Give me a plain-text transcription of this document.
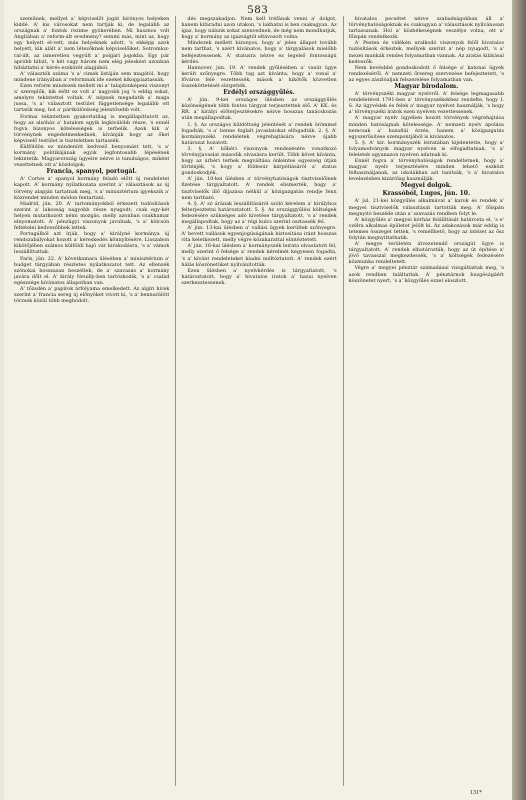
583

szeműnek, mellyel a' képviselőt jogát birónyos helyeken kiddé. A' kis városokat nem tartják ki, de legalább az országnak a' fontok rezime gyökerében. Mi hasznos volt Angliában a' reform-ált eredmény? semmi más, mint az, hogy egy helyett el-vett, más helyeknek adott, 's ekképp azok helyett, kik alált a' nem létezőknek képviselőiket. Sotromloz-ral-ált, az ismeretlen vegyült a' polgári jogokba. Egy pár apróbb hibát, 's két vagy három nem elég jeleskést azonban hibáztatni a' kérés eszközét alapjából.

A' választók száma 's a' cimek listáján sem magától, hogy mindene irányában a' reformnak ide ezeket kikoppiaztassák.

Ezen reform mindezek mellett mi a' tulajdonképeni viszonyt a' szereplők, kik előtt ez volt a' nagyobb jog 's eddig sokat, amelyre tekintettel voltak. A' népnek megadatik a' maga jussa, 's a' választott testület függetlensége legalább ott tartatik meg, hol a' pártkülönbség jelentősebb volt.

Formai tekintetben gyakorlatilag is megállapíttatott az, hogy az alsóház a' hatalom egyik legkiválóbb része, 's ennél fogva bizonyos kötelességek is terhelik. Azok kik a' törvénynek engedelmeskednek, kívánják hogy az őket képviselő testület is tiszteletben tartassék.

Külföldön ez mindenütt kedvező benyomást tett, 's a' kormány politikájának egyik legfontosabb lépésének tekintetik. Magyarország ügyeire nézve is tanulságos, miként vezettetnek ott a' közdolgok.

Francia, spanyol, portugál.

A' Cortes a' spanyol kormány feladó előtt új rendeletet kapott. A' kormány nyilatkozata szerint a' választások az új törvény alapján tartatnak meg, 's a' minisztérium igyekszik a' közrendet minden módon fentartani.

Madrid, jún. 20. A' tartományokból érkezett tudósítások szerint a' lakosság nagyobb része nyugodt; csak egy-két helyen mutatkozott némi mozgás, melly azonban csakhamar elnyomatott. A' pénzügyi viszonyok javulnak, 's a' kölcsön feltételei kedvezőbbek lettek.

Portugálból azt írják, hogy a' királyné kormánya új rendszabályokat hozott a' kereskedés könnyítésére. Lisszabon kikötőjében számos külföldi hajó vár kirakodásra, 's a' vámok leszállíttattak.

Paris, jún. 22. A' követkamara ülésében a' minisztérium a' budget tárgyában részletes nyilatkozatot tett. Az ellenzék szónokai hosszasan beszéltek, de a' szavazás a' kormány javára dőlt el. A' király Neuilly-ben tartózkodik, 's a' család egészsége kívánatos állapotban van.

A' tőzsdén a' papírok árfolyama emelkedett. Az algíri hírek szerint a' francia sereg új előnyöket vívott ki, 's a' bennszülött törzsek közül több meghódolt.

dés megszakadjon. Nem kell tréfának venni a' dolgot, hanem kifaradni azon utakon, 's lakhatni is ben csakugyan. Az igaz, hogy nálunk sokat szenvednek, de még nem mondhatjuk, hogy a' kormány az igazságtól eltávozott volna.

Mindezek mellett bizonyos, hogy a' jelen állapot tovább nem tarthat, 's azért kívánatos, hogy a' tárgyalások mielőbb befejeztessenek. A' statusra nézve ez legelső fontosságú kérdés.

Hannover, jún. 19. A' rendek gyűlésében a' vasút ügye került szőnyegre. Több tag azt kívánta, hogy a' vonal a' főváros felé vezettessék, mások a' kikötők közvetlen összeköttetését sürgették.

Erdélyi országgyűlés.

A' jún. 9-kei országos ülésben az országgyűlés közönségének több fontos tárgyat terjesztettek elő. A' KK. és RR. a' királyi előterjesztésekre nézve hosszas tanácskozás után megállapodtak.

1. §. Az országos küldöttség jelentését a' rendek örömmel fogadták, 's a' benne foglalt javaslatokat elfogadták. 2. §. A' kormányszéki rendeletek végrehajtására nézve újabb határozat hozatott.

3. §. A' hűbéri viszonyok rendezésére vonatkozó törvényjavaslat második olvasásra került. Több követ kívánta, hogy az úrbéri terhek megváltása önkéntes egyezség útján történjék, 's hogy a' földesúr kárpótlásáról a' status gondoskodjék.

A' jún. 10-kei ülésben a' törvényhatóságok tisztviselőinek fizetése tárgyaltatott. A' rendek elismerték, hogy a' tisztviselők illő díjazása nélkül a' közigazgatás rendje fenn nem tartható.

4. §. A' só árának leszállításáról szóló kérelem a' királyhoz felterjesztetni határoztatott. 5. §. Az országgyűlési költségek fedezésére szükséges adó kivetése tárgyaltatott, 's a' rendek megállapodtak, hogy az a' régi kulcs szerint osztassék fel.

A' jún. 13-kai ülésben a' vallási ügyek kerültek szőnyegre. A' bevett vallások egyenjogúságának biztosítása iránt hosszas vita keletkezett, melly végre közakarattal elintéztetett.

A' jún. 16-kai ülésben a' kormányszék leirata olvastatott fel, melly szerint ő felsége a' rendek kérelmét kegyesen fogadta, 's a' kívánt rendeleteket kiadni méltóztatott. A' rendek ezért hálás köszönetüket nyilvánították.

Ezen ülésben a' nyelvkérdés is tárgyaltatott, 's határoztatott, hogy a' hivatalos iratok a' hazai nyelven szerkesztessenek.

hivatalos pecsétet nézve szabadságokban áll a' törvényhatóságoknak és csakugyan a' választások nyilvánosan tartassanak. Hol a' közbékeségnek veszélye volna, ott a' főispán rendelkezik.

A' Pesten és vidékén uralkodó viszonyok felől hivatalos tudósítások érkeztek, mellyek szerint a' nép nyugodt, 's a' mezei munkák rendes folyamatban vannak. Az aratás kilátásai kedvezők.

Nem kevésbbé gondoskodott ő felsége a' katonai ügyek rendezéséről. A' nemzeti őrsereg szervezése befejeztetett, 's az egyes zászlóaljak felszerelése folyamatban van.

Magyar birodalom.

A' törvényszéki magyar nyelvről. A' felsége legmagasabb rendeletével 1791-ben a' törvényszékekhez rendelte, hogy I. S. Az ügyvédek és felek a' magyar nyelvet használják, 's hogy a' törvényszéki iratok ezen nyelven vezettessenek.

A' magyar nyelv ügyében hozott törvények végrehajtása minden hatóságnak kötelessége. A' nemzeti nyelv ápolása nemcsak a' hazafiúi érzés, hanem a' közigazgatás egyszerűsítése szempontjából is kívánatos.

5. §. A' kir. kormányszék leiratában kijelentette, hogy a' folyamodványok magyar nyelven is elfogadtatnak, 's a' feleletek ugyanazon nyelven adatnak ki.

Ennél fogva a' törvényhatóságok rendeltetnek, hogy a' magyar nyelv terjesztésére minden lehető eszközt felhasználjanak, az iskolákban azt tanítsák, 's a' hivatalos levelezésben kizárólag használják.

Megyei dolgok.

Krassóból, Lugos, jún. 10.

A' jul. 21-kei közgyűlés alkalmával a' karok és rendek a' megyei tisztviselők választását tartották meg. A' főispán megnyitó beszéde után a' szavazás rendben folyt le.

A' közgyűlés a' megyei kórház felállítását határozta el, 's e' czélra alkalmas épületet jelölt ki. Az adakozások már eddig is tetemes összeget tettek, 's reméllhető, hogy az intézet az ősz folytán megnyittathatik.

A' megye területén átvezetendő országút ügye is tárgyaltatott. A' rendek elhatározták, hogy az út építése a' jövő tavasszal megkezdessék, 's a' költségek fedezésére közmunka rendeltetett.

Végre a' megyei pénztár számadásai vizsgáltattak meg, 's azok rendben találtattak. A' pénztárnok buzgóságáért köszönetet nyert, 's a' közgyűlés ezzel eloszlott.

131*
